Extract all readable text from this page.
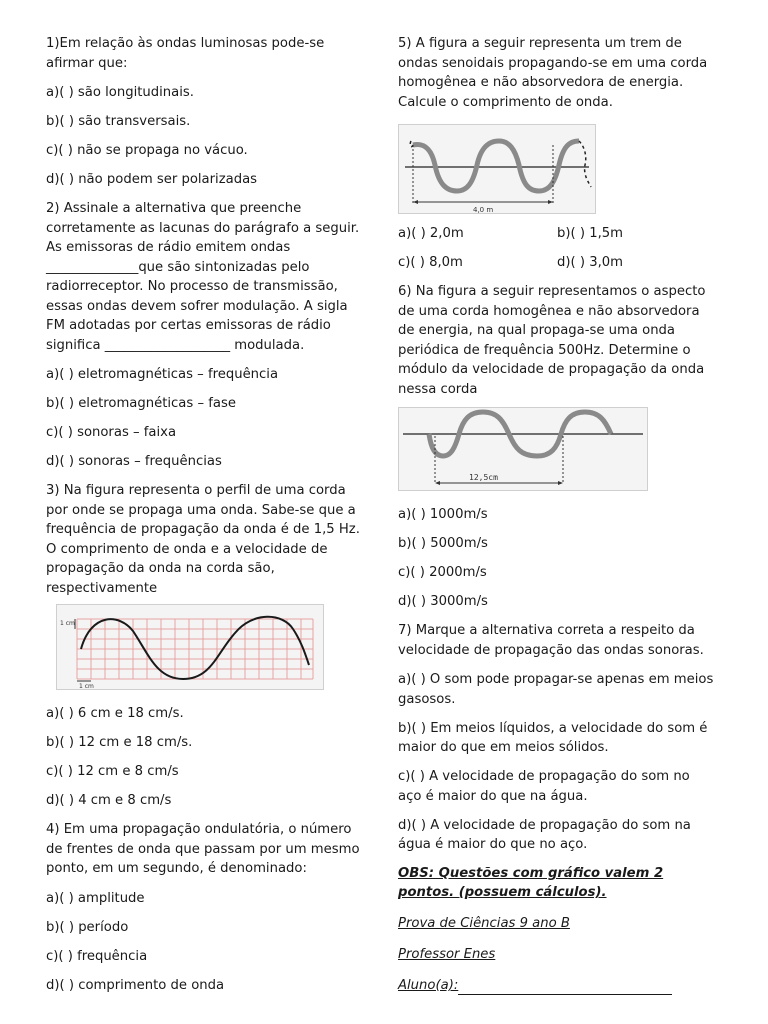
1)Em relação às ondas luminosas pode-se afirmar que:

a)( ) são longitudinais.

b)( ) são transversais.

c)( ) não se propaga no vácuo.

d)( ) não podem ser polarizadas

2) Assinale a alternativa que preenche corretamente as lacunas do parágrafo a seguir. As emissoras de rádio emitem ondas ______________que são sintonizadas pelo radiorreceptor. No processo de transmissão, essas ondas devem sofrer modulação. A sigla FM adotadas por certas emissoras de rádio significa ___________________ modulada.

a)( ) eletromagnéticas – frequência

b)( ) eletromagnéticas – fase

c)( ) sonoras – faixa

d)( ) sonoras – frequências

3) Na figura representa o perfil de uma corda por onde se propaga uma onda. Sabe-se que a frequência de propagação da onda é de 1,5 Hz. O comprimento de onda e a velocidade de propagação da onda na corda são, respectivamente

1 cm
1 cm

a)( ) 6 cm e 18 cm/s.

b)( ) 12 cm e 18 cm/s.

c)( ) 12 cm e 8 cm/s

d)( ) 4 cm e 8 cm/s

4) Em uma propagação ondulatória, o número de frentes de onda que passam por um mesmo ponto, em um segundo, é denominado:

a)( ) amplitude

b)( ) período

c)( ) frequência

d)( ) comprimento de onda

5) A figura a seguir representa um trem de ondas senoidais propagando-se em uma corda homogênea e não absorvedora de energia. Calcule o comprimento de onda.

4,0 m

a)( ) 2,0m	b)( ) 1,5m

c)( ) 8,0m	d)( ) 3,0m

6) Na figura a seguir representamos o aspecto de uma corda homogênea e não absorvedora de energia, na qual propaga-se uma onda periódica de frequência 500Hz. Determine o módulo da velocidade de propagação da onda nessa corda

12,5cm

a)( ) 1000m/s

b)( ) 5000m/s

c)( ) 2000m/s

d)( ) 3000m/s

7) Marque a alternativa correta a respeito da velocidade de propagação das ondas sonoras.

a)( ) O som pode propagar-se apenas em meios gasosos.

b)( ) Em meios líquidos, a velocidade do som é maior do que em meios sólidos.

c)( ) A velocidade de propagação do som no aço é maior do que na água.

d)( ) A velocidade de propagação do som na água é maior do que no aço.

OBS: Questões com gráfico valem 2 pontos. (possuem cálculos).

Prova de Ciências 9 ano B

Professor Enes

Aluno(a):
